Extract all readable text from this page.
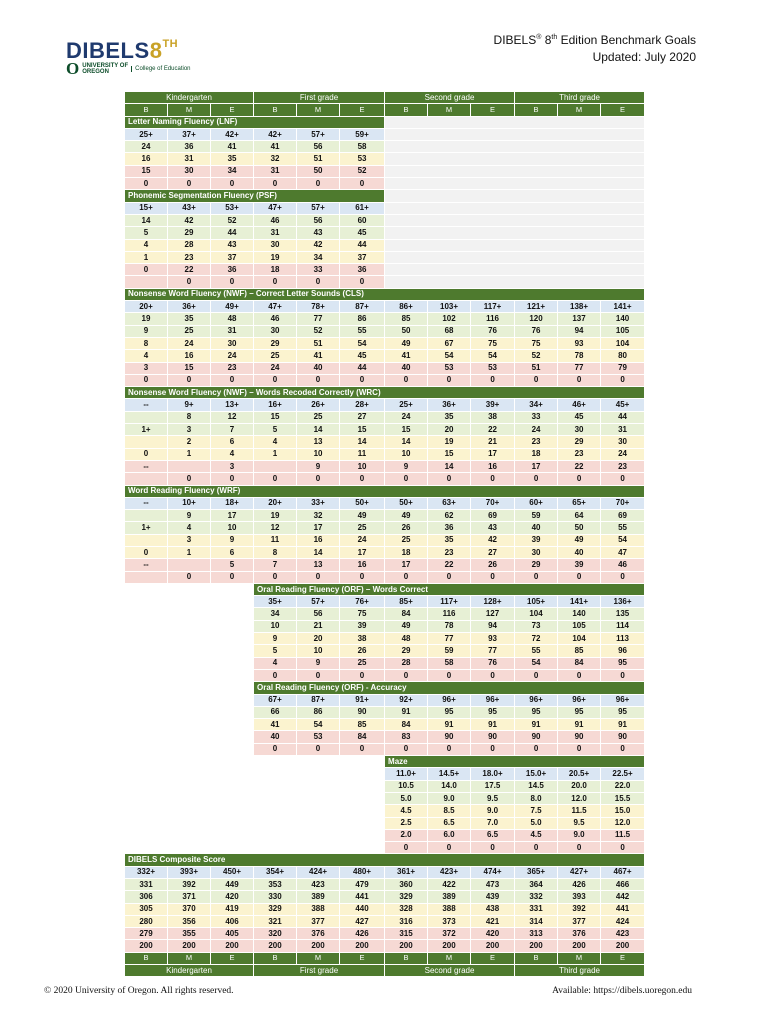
DIBELS8TH
O UNIVERSITY OF
OREGON	College of Education
DIBELS® 8th Edition Benchmark Goals
Updated: July 2020
Kindergarten			First grade			Second grade			Third grade		
B	M	E	B	M	E	B	M	E	B	M	E
Letter Naming Fluency (LNF)											
25+	37+	42+	42+	57+	59+						
24	36	41	41	56	58						
16	31	35	32	51	53						
15	30	34	31	50	52						
0	0	0	0	0	0						
Phonemic Segmentation Fluency (PSF)											
15+	43+	53+	47+	57+	61+						
14	42	52	46	56	60						
5	29	44	31	43	45						
4	28	43	30	42	44						
1	23	37	19	34	37						
0	22	36	18	33	36						
	0	0	0	0	0						
Nonsense Word Fluency (NWF) – Correct Letter Sounds (CLS)											
20+	36+	49+	47+	78+	87+	86+	103+	117+	121+	138+	141+
19	35	48	46	77	86	85	102	116	120	137	140
9	25	31	30	52	55	50	68	76	76	94	105
8	24	30	29	51	54	49	67	75	75	93	104
4	16	24	25	41	45	41	54	54	52	78	80
3	15	23	24	40	44	40	53	53	51	77	79
0	0	0	0	0	0	0	0	0	0	0	0
Nonsense Word Fluency (NWF) – Words Recoded Correctly (WRC)											
--	9+	13+	16+	26+	28+	25+	36+	39+	34+	46+	45+
	8	12	15	25	27	24	35	38	33	45	44
1+	3	7	5	14	15	15	20	22	24	30	31
	2	6	4	13	14	14	19	21	23	29	30
0	1	4	1	10	11	10	15	17	18	23	24
--		3		9	10	9	14	16	17	22	23
	0	0	0	0	0	0	0	0	0	0	0
Word Reading Fluency (WRF)											
--	10+	18+	20+	33+	50+	50+	63+	70+	60+	65+	70+
	9	17	19	32	49	49	62	69	59	64	69
1+	4	10	12	17	25	26	36	43	40	50	55
	3	9	11	16	24	25	35	42	39	49	54
0	1	6	8	14	17	18	23	27	30	40	47
--		5	7	13	16	17	22	26	29	39	46
	0	0	0	0	0	0	0	0	0	0	0
			Oral Reading Fluency (ORF) – Words Correct								
			35+	57+	76+	85+	117+	128+	105+	141+	136+
			34	56	75	84	116	127	104	140	135
			10	21	39	49	78	94	73	105	114
			9	20	38	48	77	93	72	104	113
			5	10	26	29	59	77	55	85	96
			4	9	25	28	58	76	54	84	95
			0	0	0	0	0	0	0	0	0
			Oral Reading Fluency (ORF) - Accuracy								
			67+	87+	91+	92+	96+	96+	96+	96+	96+
			66	86	90	91	95	95	95	95	95
			41	54	85	84	91	91	91	91	91
			40	53	84	83	90	90	90	90	90
			0	0	0	0	0	0	0	0	0
						Maze					
						11.0+	14.5+	18.0+	15.0+	20.5+	22.5+
						10.5	14.0	17.5	14.5	20.0	22.0
						5.0	9.0	9.5	8.0	12.0	15.5
						4.5	8.5	9.0	7.5	11.5	15.0
						2.5	6.5	7.0	5.0	9.5	12.0
						2.0	6.0	6.5	4.5	9.0	11.5
						0	0	0	0	0	0
DIBELS Composite Score											
332+	393+	450+	354+	424+	480+	361+	423+	474+	365+	427+	467+
331	392	449	353	423	479	360	422	473	364	426	466
306	371	420	330	389	441	329	389	439	332	393	442
305	370	419	329	388	440	328	388	438	331	392	441
280	356	406	321	377	427	316	373	421	314	377	424
279	355	405	320	376	426	315	372	420	313	376	423
200	200	200	200	200	200	200	200	200	200	200	200
B	M	E	B	M	E	B	M	E	B	M	E
Kindergarten			First grade			Second grade			Third grade		
© 2020 University of Oregon. All rights reserved.	Available: https://dibels.uoregon.edu
